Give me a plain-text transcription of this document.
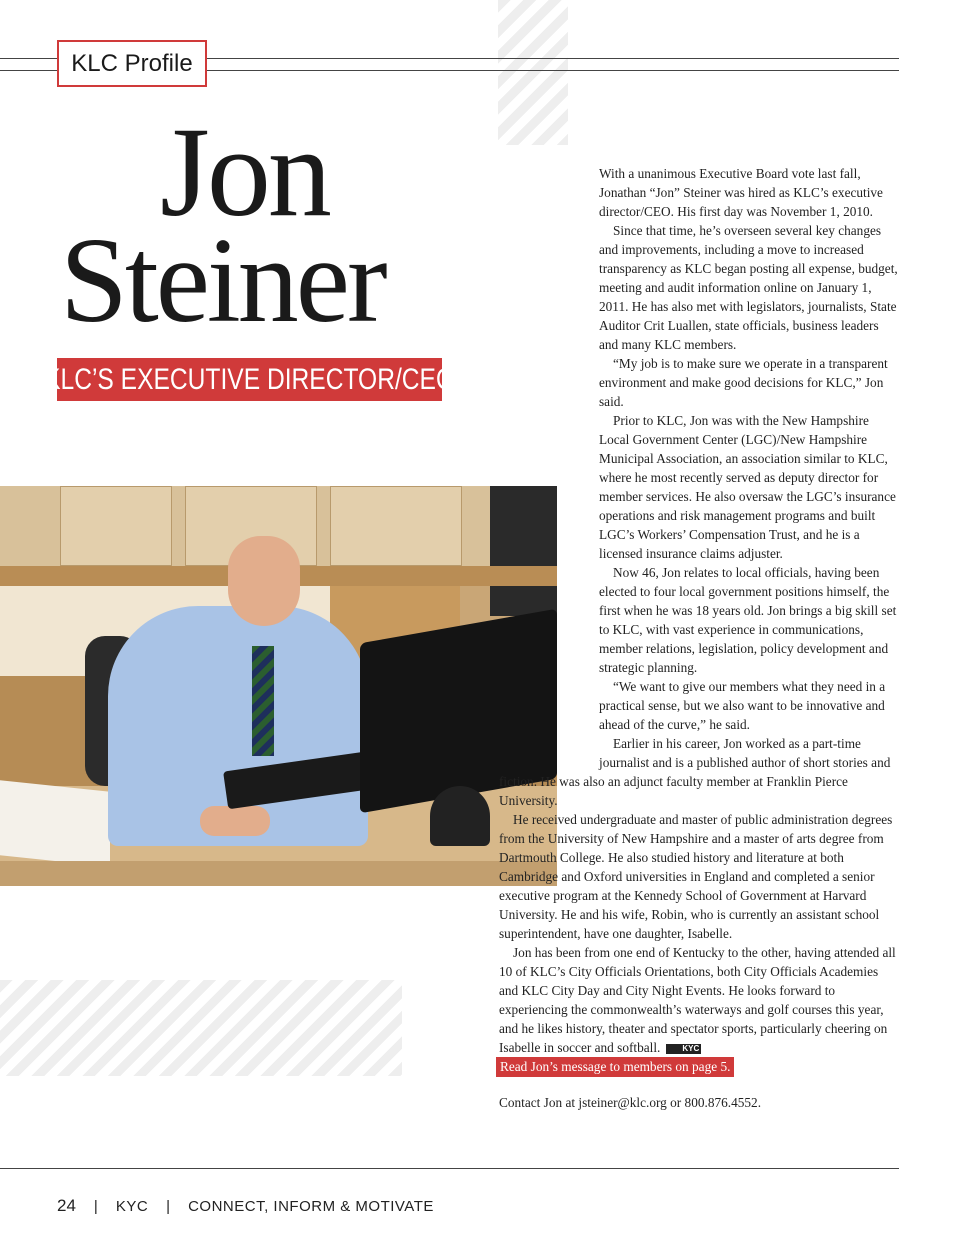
KLC Profile
Jon
Steiner
KLC’S EXECUTIVE DIRECTOR/CEO

With a unanimous Executive Board vote last fall, Jonathan “Jon” Steiner was hired as KLC’s executive director/CEO. His first day was November 1, 2010.

Since that time, he’s overseen several key changes and improvements, including a move to increased transparency as KLC began posting all expense, budget, meeting and audit information online on January 1, 2011. He has also met with legislators, journalists, State Auditor Crit Luallen, state officials, business leaders and many KLC members.

“My job is to make sure we operate in a transparent environment and make good decisions for KLC,” Jon said.

Prior to KLC, Jon was with the New Hampshire Local Government Center (LGC)/New Hampshire Municipal Association, an association similar to KLC, where he most recently served as deputy director for member services. He also oversaw the LGC’s insurance operations and risk management programs and built LGC’s Workers’ Compensation Trust, and he is a licensed insurance claims adjuster.

Now 46, Jon relates to local officials, having been elected to four local government positions himself, the first when he was 18 years old. Jon brings a big skill set to KLC, with vast experience in communications, member relations, legislation, policy development and strategic planning.

“We want to give our members what they need in a practical sense, but we also want to be innovative and ahead of the curve,” he said.

Earlier in his career, Jon worked as a part-time journalist and is a published author of short stories and fiction. He was also an adjunct faculty member at Franklin Pierce University.

He received undergraduate and master of public administration degrees from the University of New Hampshire and a master of arts degree from Dartmouth College. He also studied history and literature at both Cambridge and Oxford universities in England and completed a senior executive program at the Kennedy School of Government at Harvard University. He and his wife, Robin, who is currently an assistant school superintendent, have one daughter, Isabelle.

Jon has been from one end of Kentucky to the other, having attended all 10 of KLC’s City Officials Orientations, both City Officials Academies and KLC City Day and City Night Events. He looks forward to experiencing the commonwealth’s waterways and golf courses this year, and he likes history, theater and spectator sports, particularly cheering on Isabelle in soccer and softball.	KYC

Read Jon’s message to members on page 5.
Contact Jon at jsteiner@klc.org or 800.876.4552.
24 | KYC | CONNECT, INFORM & MOTIVATE
